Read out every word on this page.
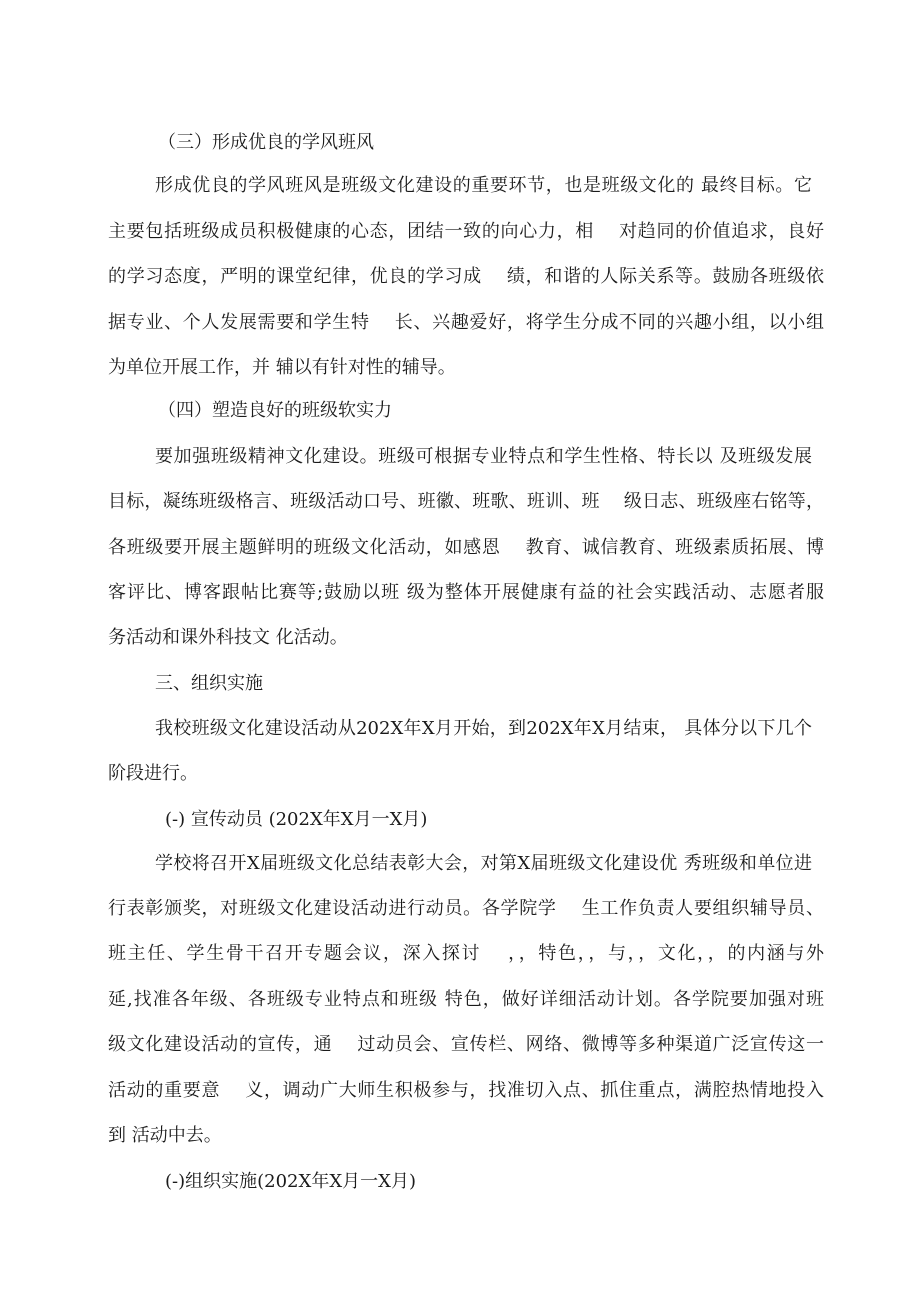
（三）形成优良的学风班风
形成优良的学风班风是班级文化建设的重要环节，也是班级文化的 最终目标。它
主要包括班级成员积极健康的心态，团结一致的向心力，相 　对趋同的价值追求，良好
的学习态度，严明的课堂纪律，优良的学习成 　绩，和谐的人际关系等。鼓励各班级依
据专业、个人发展需要和学生特 　长、兴趣爱好，将学生分成不同的兴趣小组，以小组
为单位开展工作，并 辅以有针对性的辅导。
（四）塑造良好的班级软实力
要加强班级精神文化建设。班级可根据专业特点和学生性格、特长以 及班级发展
目标，凝练班级格言、班级活动口号、班徽、班歌、班训、班 　级日志、班级座右铭等，
各班级要开展主题鲜明的班级文化活动，如感恩 　教育、诚信教育、班级素质拓展、博
客评比、博客跟帖比赛等;鼓励以班 级为整体开展健康有益的社会实践活动、志愿者服
务活动和课外科技文 化活动。
三、组织实施
我校班级文化建设活动从202X年X月开始，到202X年X月结束， 具体分以下几个
阶段进行。
(-) 宣传动员 (202X年X月一X月)
学校将召开X届班级文化总结表彰大会，对第X届班级文化建设优 秀班级和单位进
行表彰颁奖，对班级文化建设活动进行动员。各学院学 　生工作负责人要组织辅导员、
班主任、学生骨干召开专题会议，深入探讨 　，，特色，，与，，文化，，的内涵与外
延,找准各年级、各班级专业特点和班级 特色，做好详细活动计划。各学院要加强对班
级文化建设活动的宣传，通 　过动员会、宣传栏、网络、微博等多种渠道广泛宣传这一
活动的重要意 　义，调动广大师生积极参与，找准切入点、抓住重点，满腔热情地投入
到 活动中去。
(-)组织实施(202X年X月一X月)
